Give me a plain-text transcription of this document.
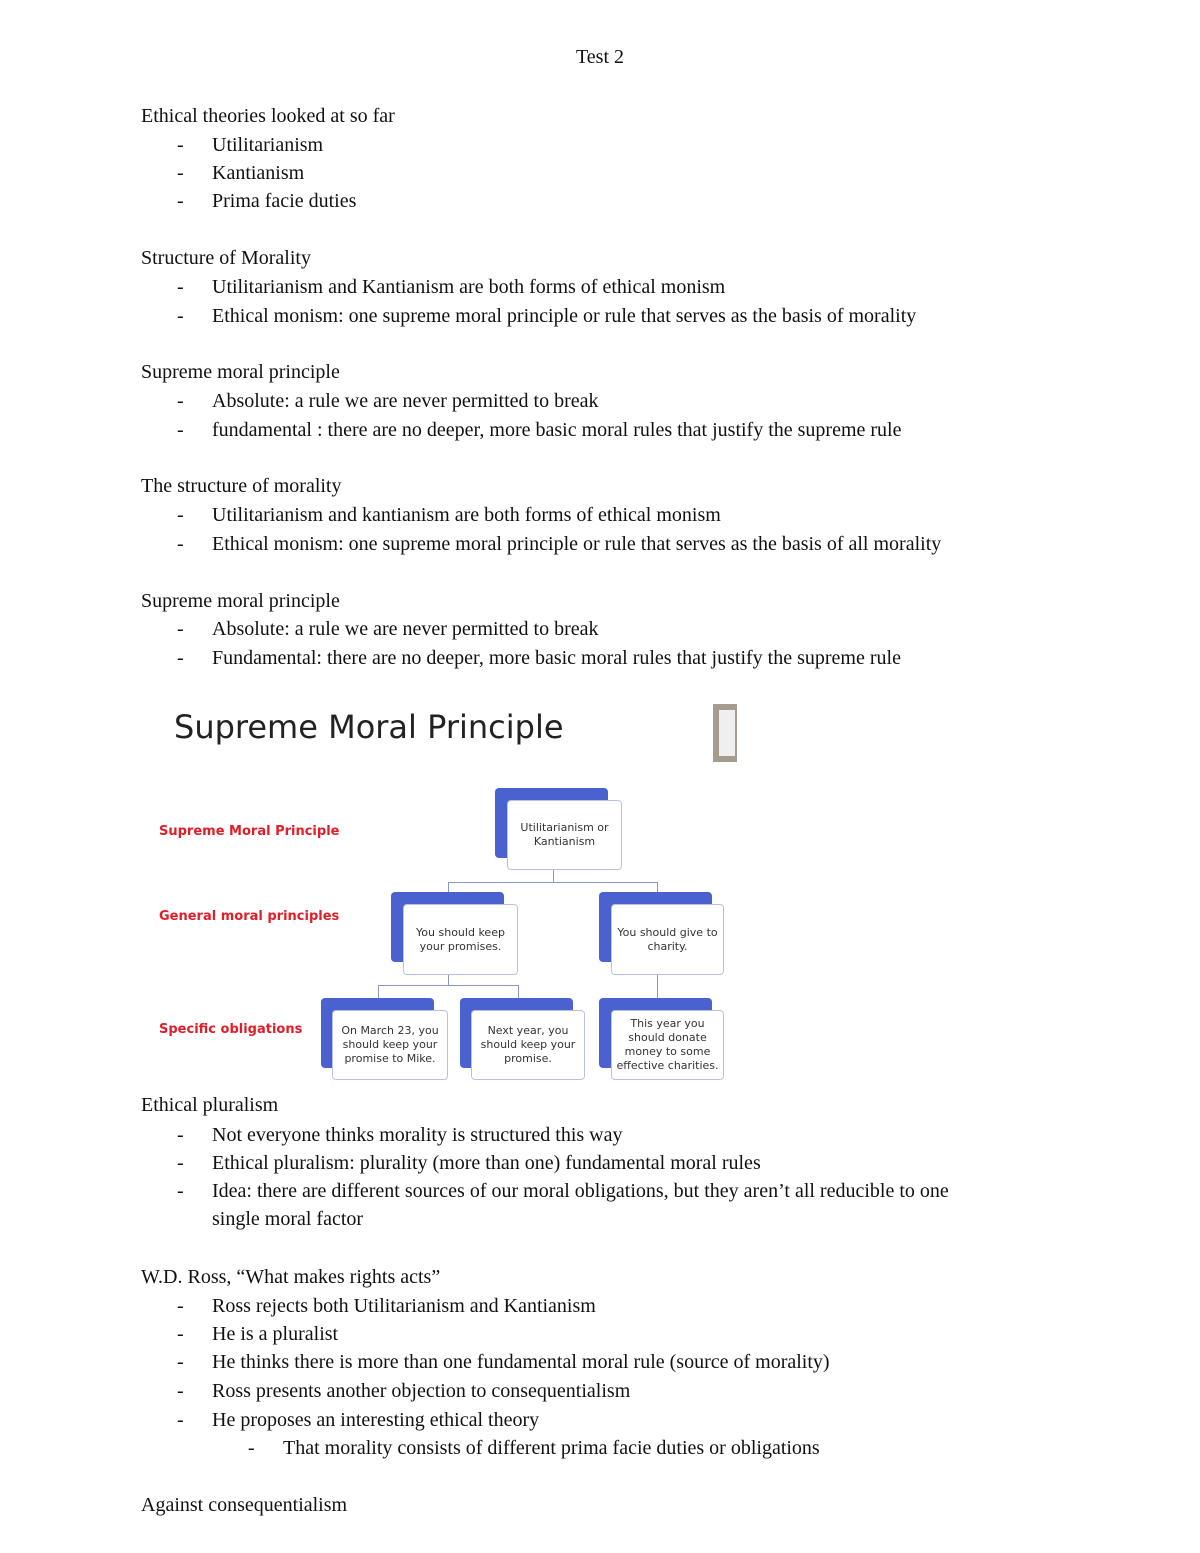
Test 2
Ethical theories looked at so far
- Utilitarianism
- Kantianism
- Prima facie duties
Structure of Morality
- Utilitarianism and Kantianism are both forms of ethical monism
- Ethical monism: one supreme moral principle or rule that serves as the basis of morality
Supreme moral principle
- Absolute: a rule we are never permitted to break
- fundamental : there are no deeper, more basic moral rules that justify the supreme rule
The structure of morality
- Utilitarianism and kantianism are both forms of ethical monism
- Ethical monism: one supreme moral principle or rule that serves as the basis of all morality
Supreme moral principle
- Absolute: a rule we are never permitted to break
- Fundamental: there are no deeper, more basic moral rules that justify the supreme rule
Supreme Moral Principle
Supreme Moral Principle
General moral principles
Specific obligations
Utilitarianism or Kantianism
You should keep your promises.
You should give to charity.
On March 23, you should keep your promise to Mike.
Next year, you should keep your promise.
This year you should donate money to some effective charities.
Ethical pluralism
- Not everyone thinks morality is structured this way
- Ethical pluralism: plurality (more than one) fundamental moral rules
- Idea: there are different sources of our moral obligations, but they aren’t all reducible to one
single moral factor
W.D. Ross, “What makes rights acts”
- Ross rejects both Utilitarianism and Kantianism
- He is a pluralist
- He thinks there is more than one fundamental moral rule (source of morality)
- Ross presents another objection to consequentialism
- He proposes an interesting ethical theory
- That morality consists of different prima facie duties or obligations
Against consequentialism
